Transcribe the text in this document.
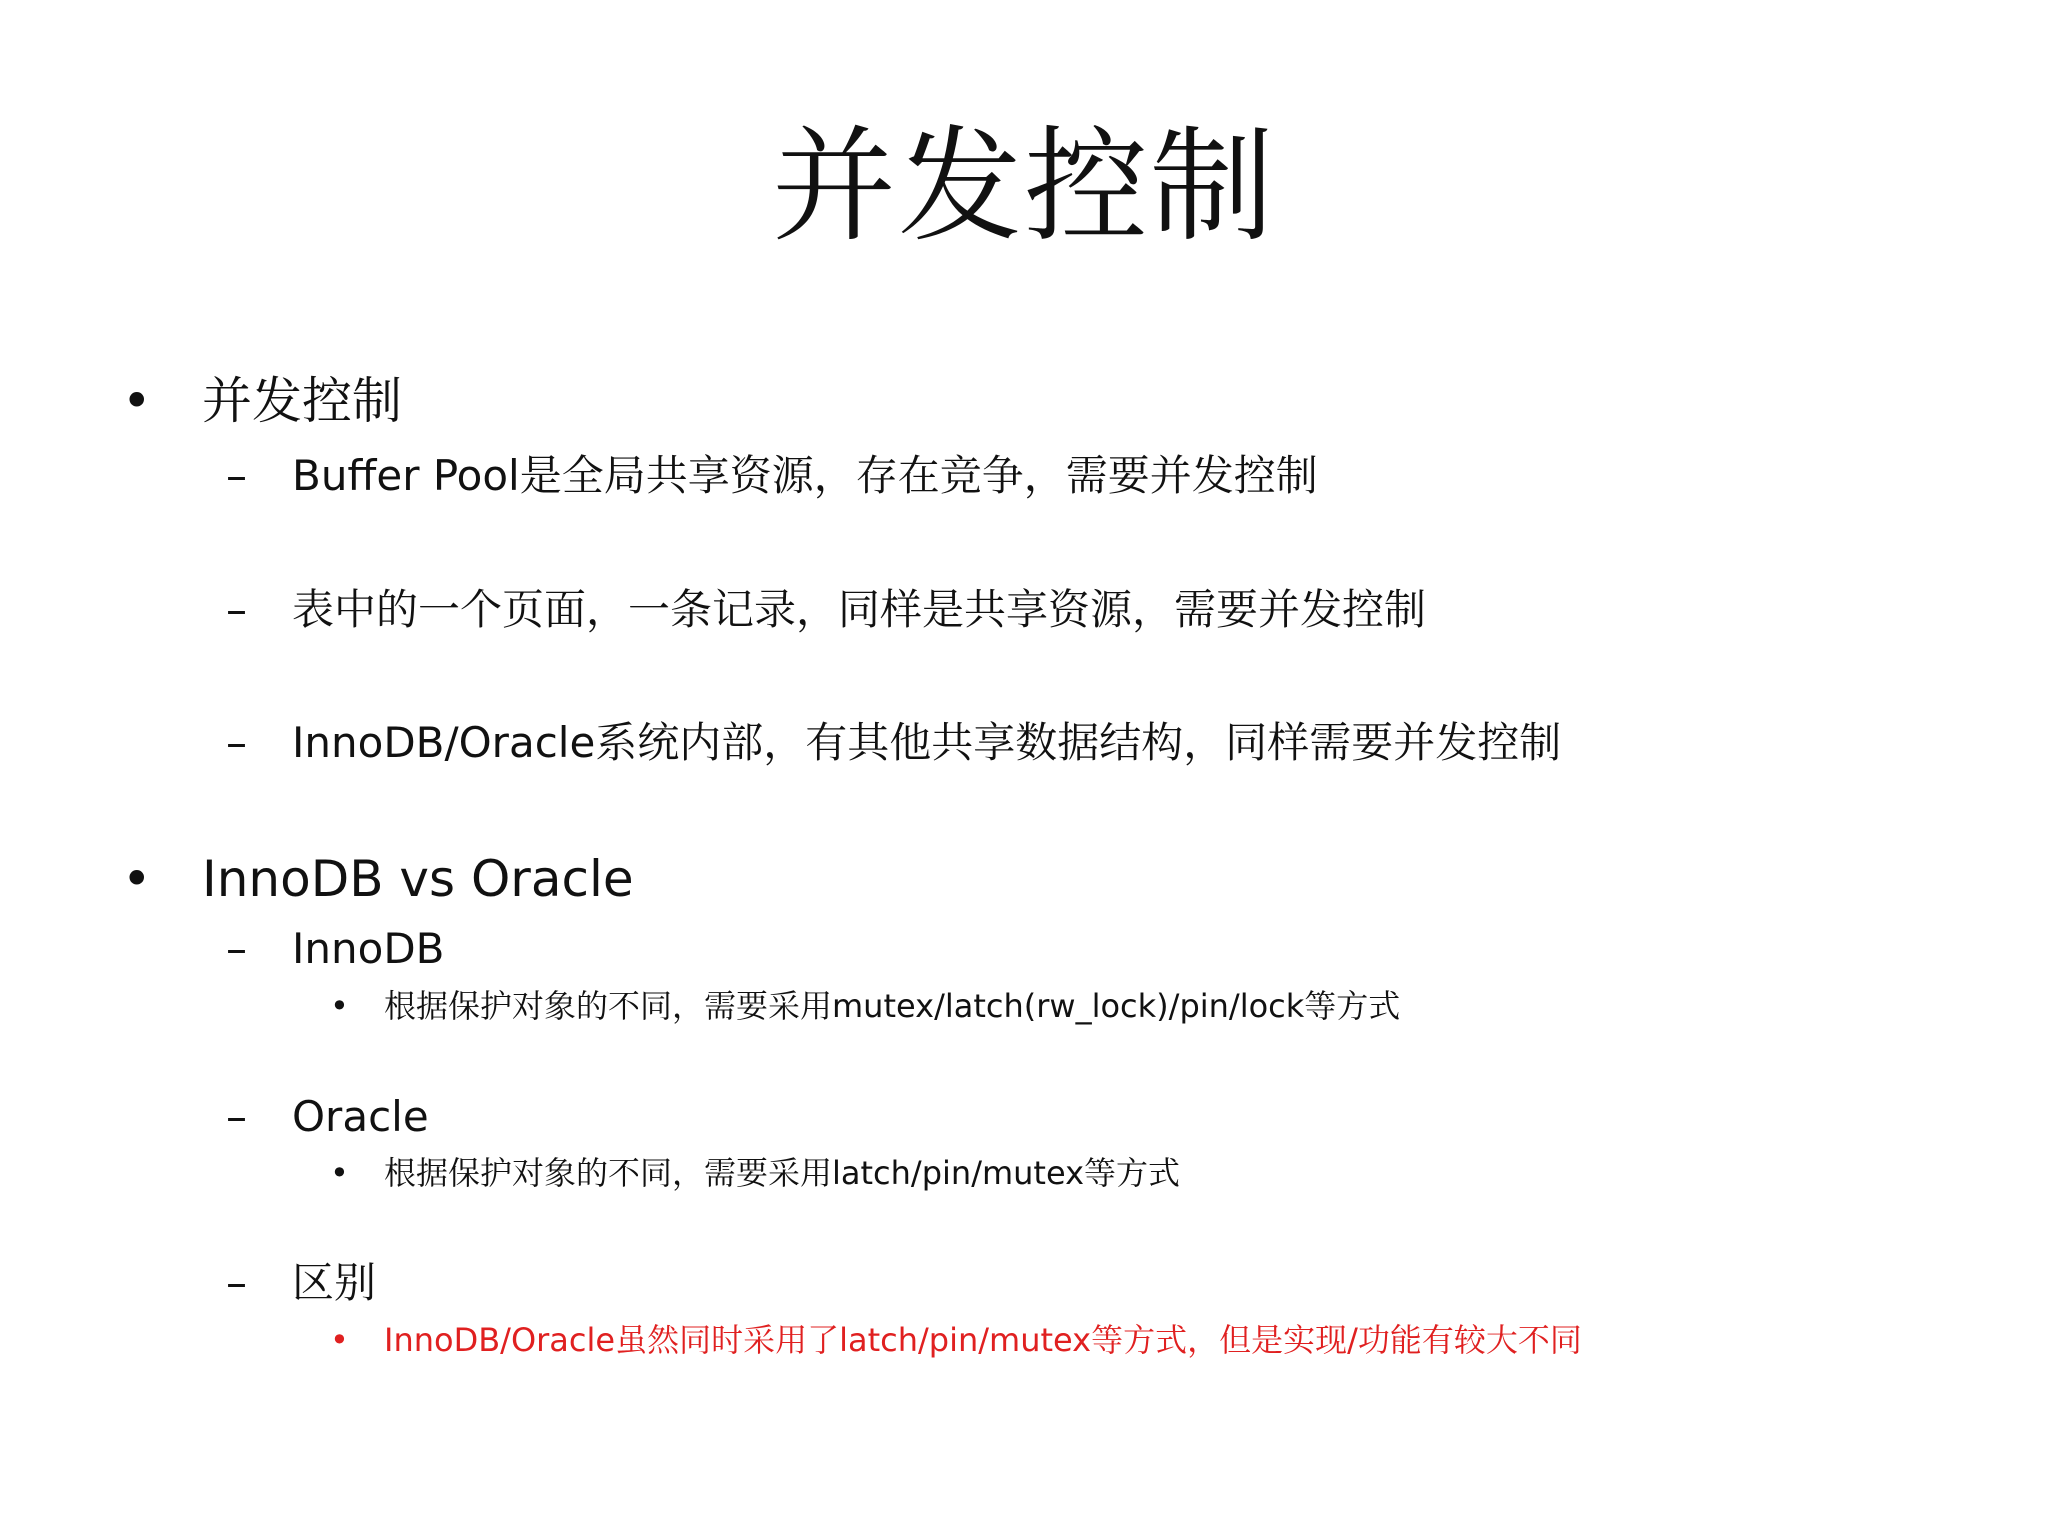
并发控制
• 并发控制
– Buffer Pool是全局共享资源，存在竞争，需要并发控制
– 表中的一个页面，一条记录，同样是共享资源，需要并发控制
– InnoDB/Oracle系统内部，有其他共享数据结构，同样需要并发控制
• InnoDB vs Oracle
– InnoDB
• 根据保护对象的不同，需要采用mutex/latch(rw_lock)/pin/lock等方式
– Oracle
• 根据保护对象的不同，需要采用latch/pin/mutex等方式
– 区别
• InnoDB/Oracle虽然同时采用了latch/pin/mutex等方式，但是实现/功能有较大不同
